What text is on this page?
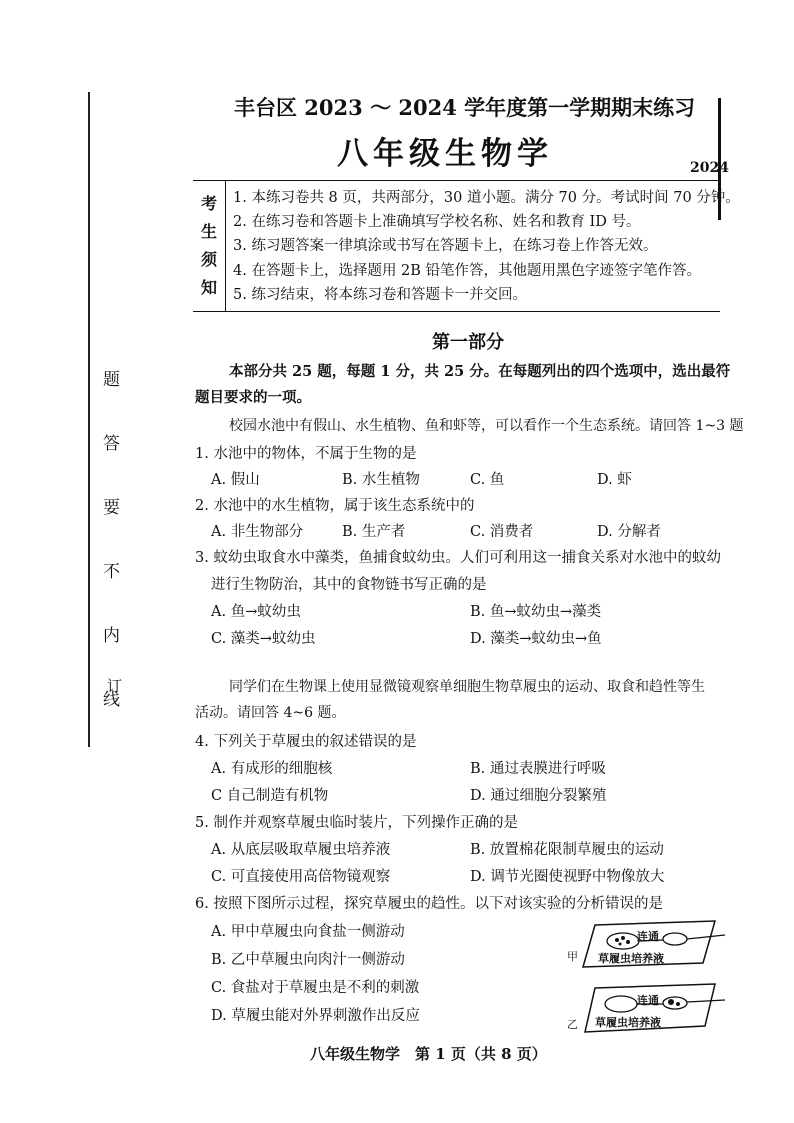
题
答
要
不
内
线
订
丰台区 2023 ～ 2024 学年度第一学期期末练习
八年级生物学	2024
考
生
须
知
1. 本练习卷共 8 页，共两部分，30 道小题。满分 70 分。考试时间 70 分钟。
2. 在练习卷和答题卡上准确填写学校名称、姓名和教育 ID 号。
3. 练习题答案一律填涂或书写在答题卡上，在练习卷上作答无效。
4. 在答题卡上，选择题用 2B 铅笔作答，其他题用黑色字迹签字笔作答。
5. 练习结束，将本练习卷和答题卡一并交回。
第一部分
本部分共 25 题，每题 1 分，共 25 分。在每题列出的四个选项中，选出最符
题目要求的一项。
校园水池中有假山、水生植物、鱼和虾等，可以看作一个生态系统。请回答 1~3 题
1. 水池中的物体，不属于生物的是
A. 假山	B. 水生植物	C. 鱼	D. 虾
2. 水池中的水生植物，属于该生态系统中的
A. 非生物部分	B. 生产者	C. 消费者	D. 分解者
3. 蚊幼虫取食水中藻类，鱼捕食蚊幼虫。人们可利用这一捕食关系对水池中的蚊幼
进行生物防治，其中的食物链书写正确的是
A. 鱼→蚊幼虫	B. 鱼→蚊幼虫→藻类
C. 藻类→蚊幼虫	D. 藻类→蚊幼虫→鱼
同学们在生物课上使用显微镜观察单细胞生物草履虫的运动、取食和趋性等生
活动。请回答 4~6 题。
4. 下列关于草履虫的叙述错误的是
A. 有成形的细胞核	B. 通过表膜进行呼吸
C 自己制造有机物	D. 通过细胞分裂繁殖
5. 制作并观察草履虫临时装片，下列操作正确的是
A. 从底层吸取草履虫培养液	B. 放置棉花限制草履虫的运动
C. 可直接使用高倍物镜观察	D. 调节光圈使视野中物像放大
6. 按照下图所示过程，探究草履虫的趋性。以下对该实验的分析错误的是
A. 甲中草履虫向食盐一侧游动
B. 乙中草履虫向肉汁一侧游动
C. 食盐对于草履虫是不利的刺激
D. 草履虫能对外界刺激作出反应
甲
连通
草履虫培养液
乙
连通
草履虫培养液
八年级生物学　第 1 页（共 8 页）
